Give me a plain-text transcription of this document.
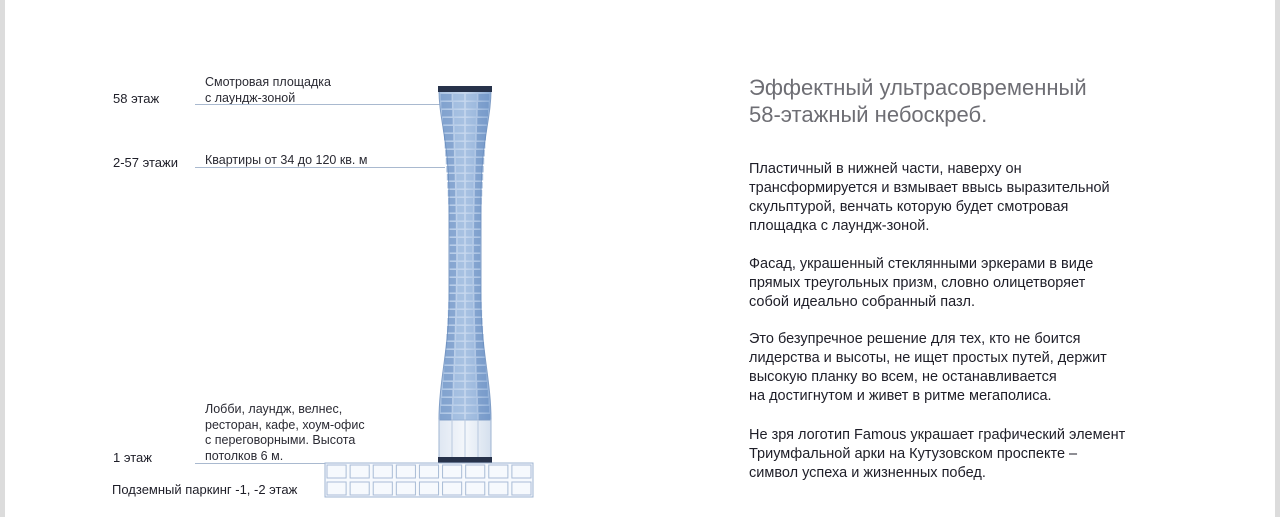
58 этаж
2-57 этажи
1 этаж
Подземный паркинг -1, -2 этаж
Смотровая площадка
с лаундж-зоной
Квартиры от 34 до 120 кв. м
Лобби, лаундж, велнес,
ресторан, кафе, хоум-офис
с переговорными. Высота
потолков 6 м.
Эффектный ультрасовременный
58-этажный небоскреб.

Пластичный в нижней части, наверху он
трансформируется и взмывает ввысь выразительной
скульптурой, венчать которую будет смотровая
площадка с лаундж-зоной.

Фасад, украшенный стеклянными эркерами в виде
прямых треугольных призм, словно олицетворяет
собой идеально собранный пазл.

Это безупречное решение для тех, кто не боится
лидерства и высоты, не ищет простых путей, держит
высокую планку во всем, не останавливается
на достигнутом и живет в ритме мегаполиса.

Не зря логотип Famous украшает графический элемент
Триумфальной арки на Кутузовском проспекте –
символ успеха и жизненных побед.
